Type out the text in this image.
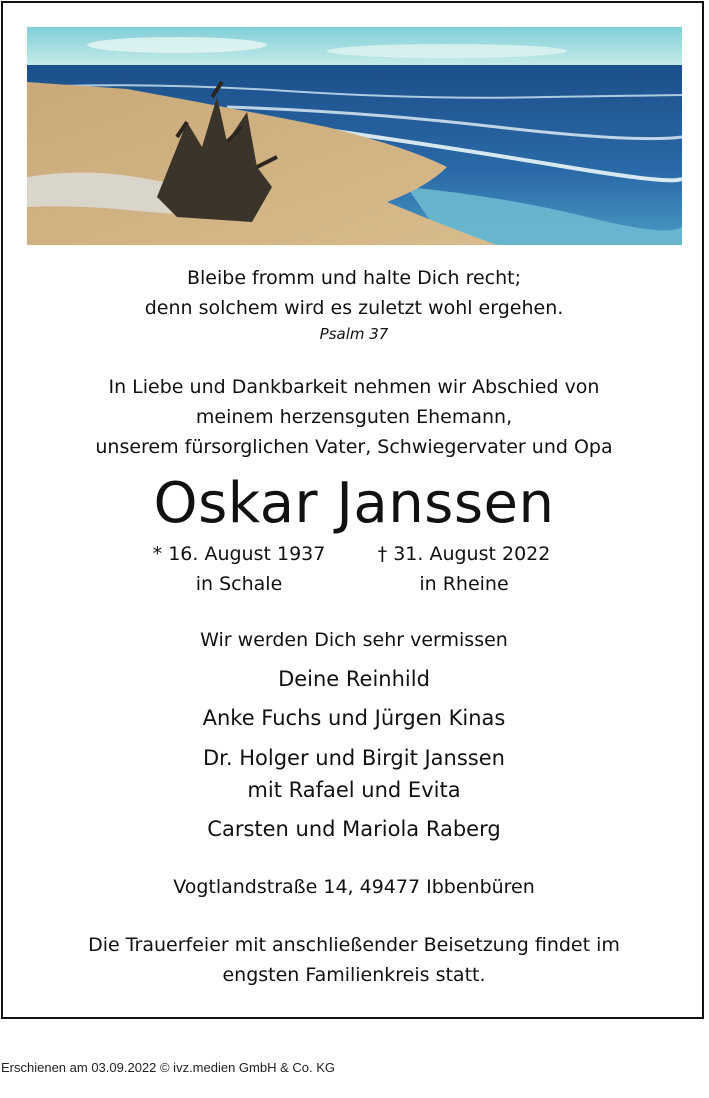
Bleibe fromm und halte Dich recht;
denn solchem wird es zuletzt wohl ergehen.
Psalm 37
In Liebe und Dankbarkeit nehmen wir Abschied von
meinem herzensguten Ehemann,
unserem fürsorglichen Vater, Schwiegervater und Opa
Oskar Janssen
* 16. August 1937
in Schale
† 31. August 2022
in Rheine
Wir werden Dich sehr vermissen
Deine Reinhild
Anke Fuchs und Jürgen Kinas
Dr. Holger und Birgit Janssen
mit Rafael und Evita
Carsten und Mariola Raberg
Vogtlandstraße 14, 49477 Ibbenbüren
Die Trauerfeier mit anschließender Beisetzung findet im
engsten Familienkreis statt.
Erschienen am 03.09.2022 © ivz.medien GmbH & Co. KG
